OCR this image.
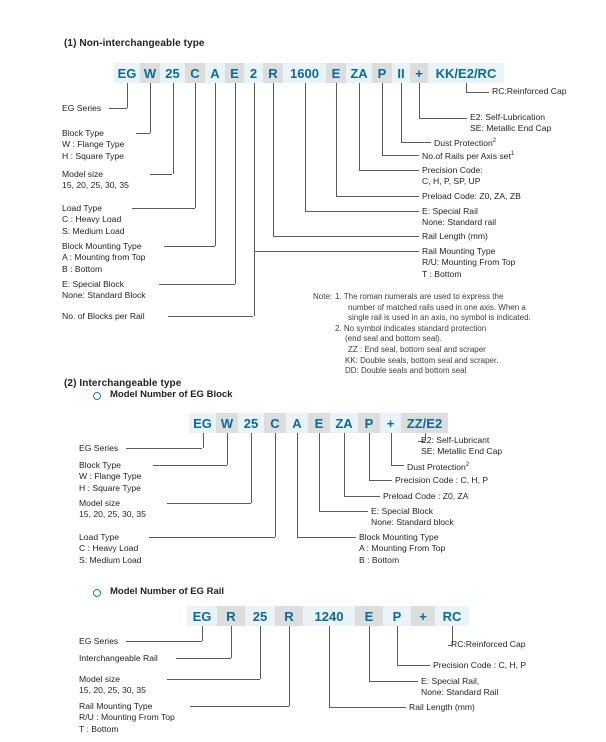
(1) Non-interchangeable type
EG W 25 C A E 2 R 1600 E ZA P II + KK/E2/RC
EG Series
Block Type
W : Flange Type
H : Square Type
Model size
15, 20, 25, 30, 35
Load Type
C : Heavy Load
S: Medium Load
Block Mounting Type
A : Mounting from Top
B : Bottom
E: Special Block
None: Standard Block
No. of Blocks per Rail
RC:Reinforced Cap
E2: Self-Lubrication
SE: Metallic End Cap
Dust Protection$^2$
No.of Rails per Axis set$^1$
Precision Code:
C, H, P, SP, UP
Preload Code: Z0, ZA, ZB
E: Special Rail
None: Standard rail
Rail Length (mm)
Rail Mounting Type
R/U: Mounting From Top
T : Bottom
Note: 1. The roman numerals are used to express the
number of matched rails used in one axis. When a
single rail is used in an axis, no symbol is indicated.
2. No symbol indicates standard protection
(end seal and bottom seal).
ZZ : End seal, bottom seal and scraper
KK: Double seals, bottom seal and scraper.
DD: Double seals and bottom seal
(2) Interchangeable type
Model Number of EG Block
EG W 25 C A E ZA P	+ ZZ/E2
EG Series
Block Type
W : Flange Type
H : Square Type
Model size
15, 20, 25, 30, 35
Load Type
C : Heavy Load
S: Medium Load
E2: Self-Lubricant
SE: Metallic End Cap
Dust Protection$^2$
Precision Code : C, H, P
Preload Code : Z0, ZA
E: Special Block
None: Standard block
Block Mounting Type
A : Mounting From Top
B : Bottom
Model Number of EG Rail
EG	R	25	R	1240	E	P	+	RC
EG Series
Interchangeable Rail
Model size
15, 20, 25, 30, 35
Rail Mounting Type
R/U : Mounting From Top
T : Bottom
RC:Reinforced Cap
Precision Code : C, H, P
E: Special Rail,
None: Standard Rail
Rail Length (mm)
